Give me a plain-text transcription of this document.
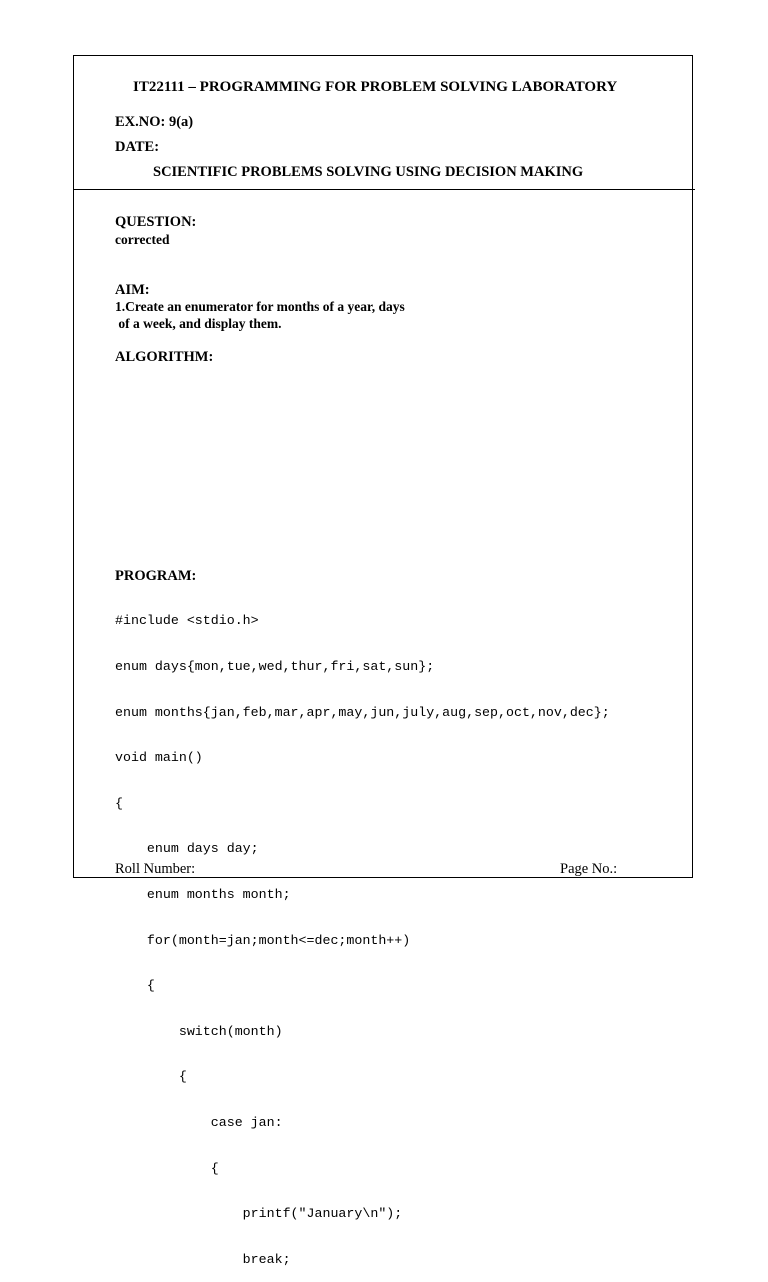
IT22111 – PROGRAMMING FOR PROBLEM SOLVING LABORATORY
EX.NO: 9(a)
DATE:
SCIENTIFIC PROBLEMS SOLVING USING DECISION MAKING
QUESTION:
corrected
AIM:
1.Create an enumerator for months of a year, days
of a week, and display them.
ALGORITHM:
PROGRAM:

#include <stdio.h>

enum days{mon,tue,wed,thur,fri,sat,sun};

enum months{jan,feb,mar,apr,may,jun,july,aug,sep,oct,nov,dec};

void main()

{

enum days day;

enum months month;

for(month=jan;month<=dec;month++)

{

switch(month)

{

case jan:

{

printf("January\n");

break;

Roll Number:	Page No.:
